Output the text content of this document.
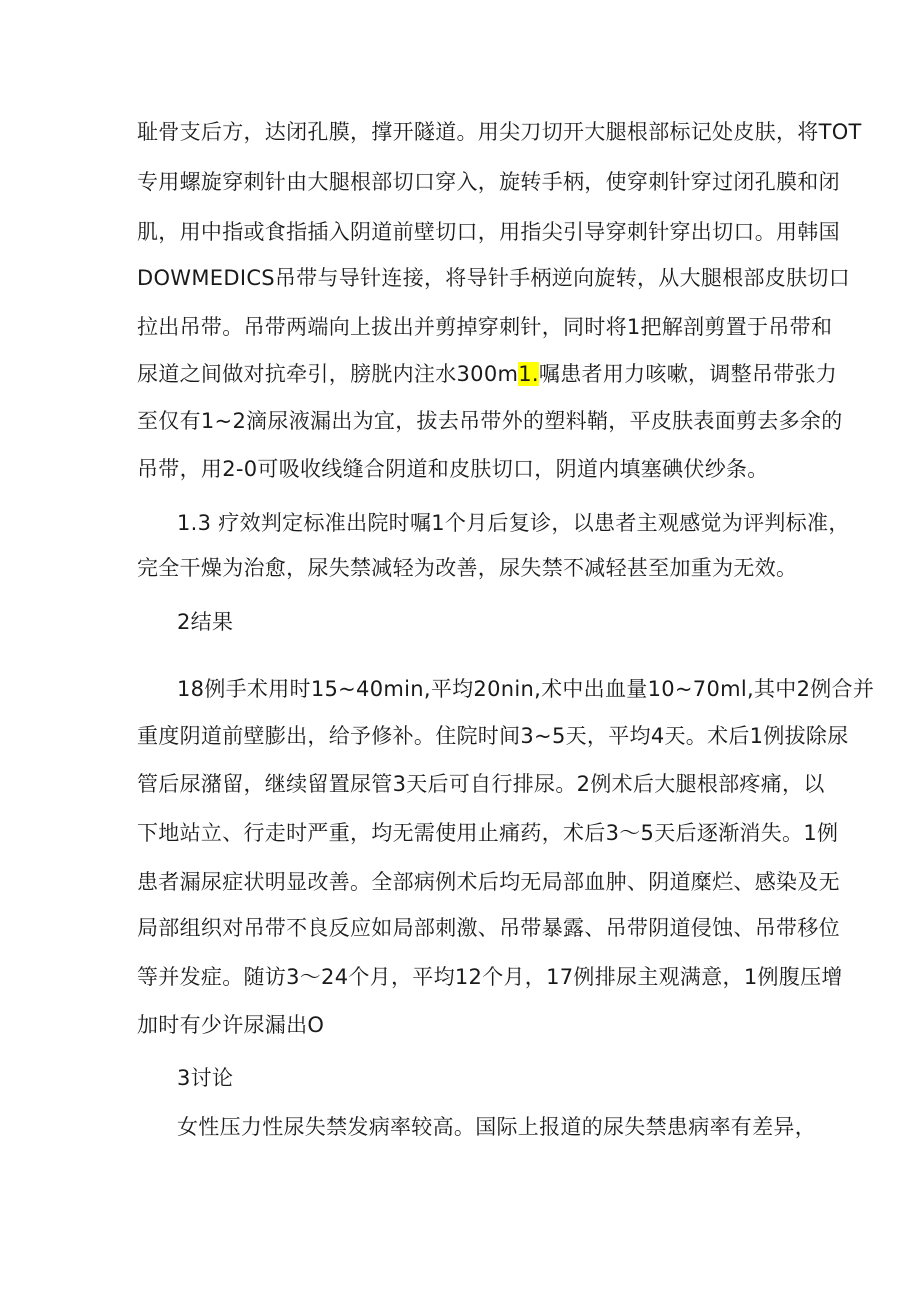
耻骨支后方，达闭孔膜，撑开隧道。用尖刀切开大腿根部标记处皮肤，将TOT
专用螺旋穿刺针由大腿根部切口穿入，旋转手柄，使穿刺针穿过闭孔膜和闭
肌，用中指或食指插入阴道前壁切口，用指尖引导穿刺针穿出切口。用韩国
DOWMEDICS吊带与导针连接，将导针手柄逆向旋转，从大腿根部皮肤切口
拉出吊带。吊带两端向上拔出并剪掉穿刺针，同时将1把解剖剪置于吊带和
尿道之间做对抗牵引，膀胱内注水300m1.嘱患者用力咳嗽，调整吊带张力
至仅有1~2滴尿液漏出为宜，拔去吊带外的塑料鞘，平皮肤表面剪去多余的
吊带，用2-0可吸收线缝合阴道和皮肤切口，阴道内填塞碘伏纱条。
1.3 疗效判定标准出院时嘱1个月后复诊，以患者主观感觉为评判标准，
完全干燥为治愈，尿失禁减轻为改善，尿失禁不减轻甚至加重为无效。
2结果
18例手术用时15~40min,平均20nin,术中出血量10~70ml,其中2例合并
重度阴道前壁膨出，给予修补。住院时间3~5天，平均4天。术后1例拔除尿
管后尿潴留，继续留置尿管3天后可自行排尿。2例术后大腿根部疼痛，以
下地站立、行走时严重，均无需使用止痛药，术后3～5天后逐渐消失。1例
患者漏尿症状明显改善。全部病例术后均无局部血肿、阴道糜烂、感染及无
局部组织对吊带不良反应如局部刺激、吊带暴露、吊带阴道侵蚀、吊带移位
等并发症。随访3～24个月，平均12个月，17例排尿主观满意，1例腹压增
加时有少许尿漏出O
3讨论
女性压力性尿失禁发病率较高。国际上报道的尿失禁患病率有差异，
